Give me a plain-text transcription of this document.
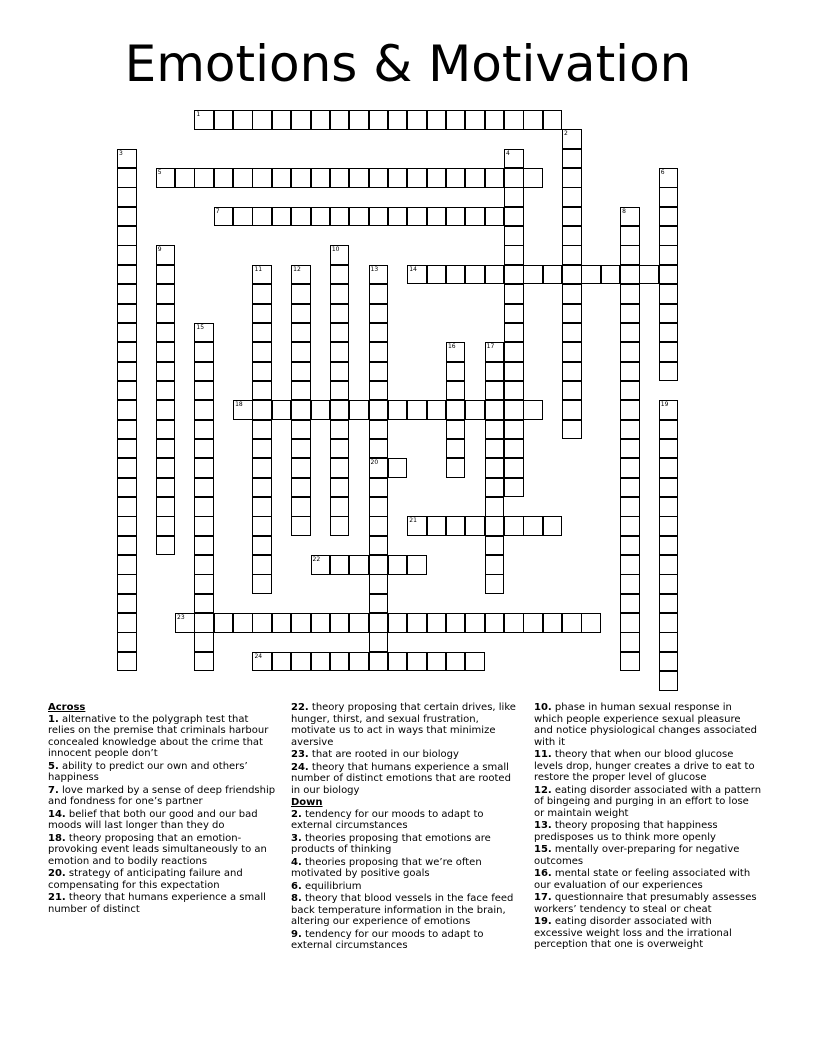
Emotions & Motivation
1
2
3	4
5	6
7	8
9	10
11	12	13
20
14
15
16	17
18	19
21
22
23
24
Across
1. alternative to the polygraph test that relies on the premise that criminals harbour concealed knowledge about the crime that innocent people don’t
5. ability to predict our own and others’ happiness
7. love marked by a sense of deep friendship and fondness for one’s partner
14. belief that both our good and our bad moods will last longer than they do
18. theory proposing that an emotion-provoking event leads simultaneously to an emotion and to bodily reactions
20. strategy of anticipating failure and compensating for this expectation
21. theory that humans experience a small number of distinct
22. theory proposing that certain drives, like hunger, thirst, and sexual frustration, motivate us to act in ways that minimize aversive
23. that are rooted in our biology
24. theory that humans experience a small number of distinct emotions that are rooted in our biology
Down
2. tendency for our moods to adapt to external circumstances
3. theories proposing that emotions are products of thinking
4. theories proposing that we’re often motivated by positive goals
6. equilibrium
8. theory that blood vessels in the face feed back temperature information in the brain, altering our experience of emotions
9. tendency for our moods to adapt to external circumstances
10. phase in human sexual response in which people experience sexual pleasure and notice physiological changes associated with it
11. theory that when our blood glucose levels drop, hunger creates a drive to eat to restore the proper level of glucose
12. eating disorder associated with a pattern of bingeing and purging in an effort to lose or maintain weight
13. theory proposing that happiness predisposes us to think more openly
15. mentally over-preparing for negative outcomes
16. mental state or feeling associated with our evaluation of our experiences
17. questionnaire that presumably assesses workers’ tendency to steal or cheat
19. eating disorder associated with excessive weight loss and the irrational perception that one is overweight
